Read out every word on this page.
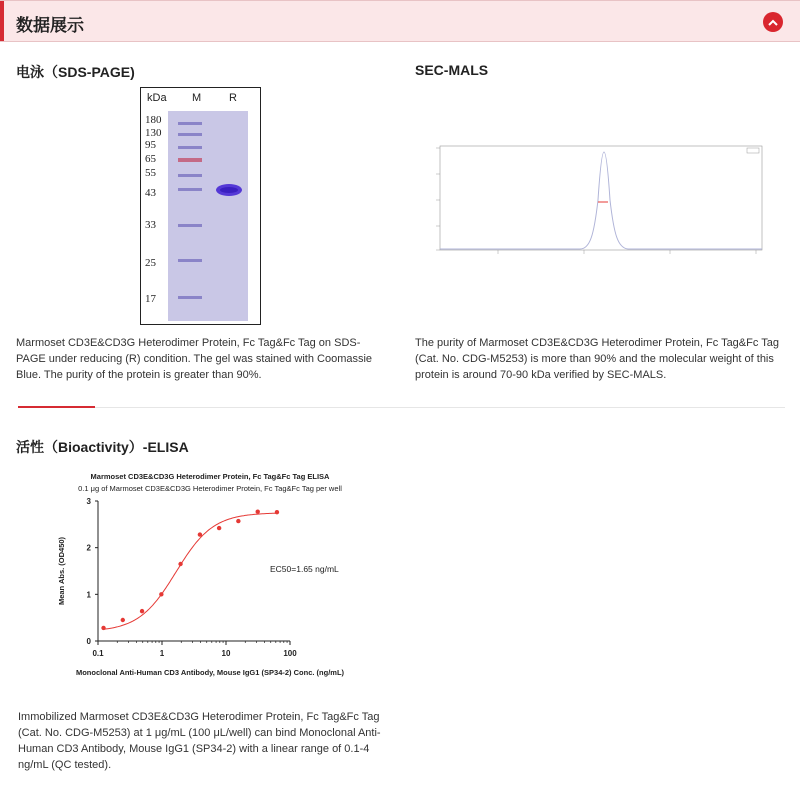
数据展示
电泳（SDS-PAGE)
kDa M	R
180
130
95
65
55
43
33
25
17
Marmoset CD3E&CD3G Heterodimer Protein, Fc Tag&Fc Tag on SDS-PAGE under reducing (R) condition. The gel was stained with Coomassie Blue. The purity of the protein is greater than 90%.
SEC-MALS
The purity of Marmoset CD3E&CD3G Heterodimer Protein, Fc Tag&Fc Tag (Cat. No. CDG-M5253) is more than 90% and the molecular weight of this protein is around 70-90 kDa verified by SEC-MALS.
活性（Bioactivity）-ELISA
Marmoset CD3E&CD3G Heterodimer Protein, Fc Tag&Fc Tag ELISA
0.1 μg of Marmoset CD3E&CD3G Heterodimer Protein, Fc Tag&Fc Tag per well
Monoclonal Anti-Human CD3 Antibody, Mouse IgG1 (SP34-2) Conc. (ng/mL)
Mean Abs. (OD450)	EC50=1.65 ng/mL
0
1
2
3
0.1	1	10	100
Immobilized Marmoset CD3E&CD3G Heterodimer Protein, Fc Tag&Fc Tag (Cat. No. CDG-M5253) at 1 μg/mL (100 μL/well) can bind Monoclonal Anti-Human CD3 Antibody, Mouse IgG1 (SP34-2) with a linear range of 0.1-4 ng/mL (QC tested).
